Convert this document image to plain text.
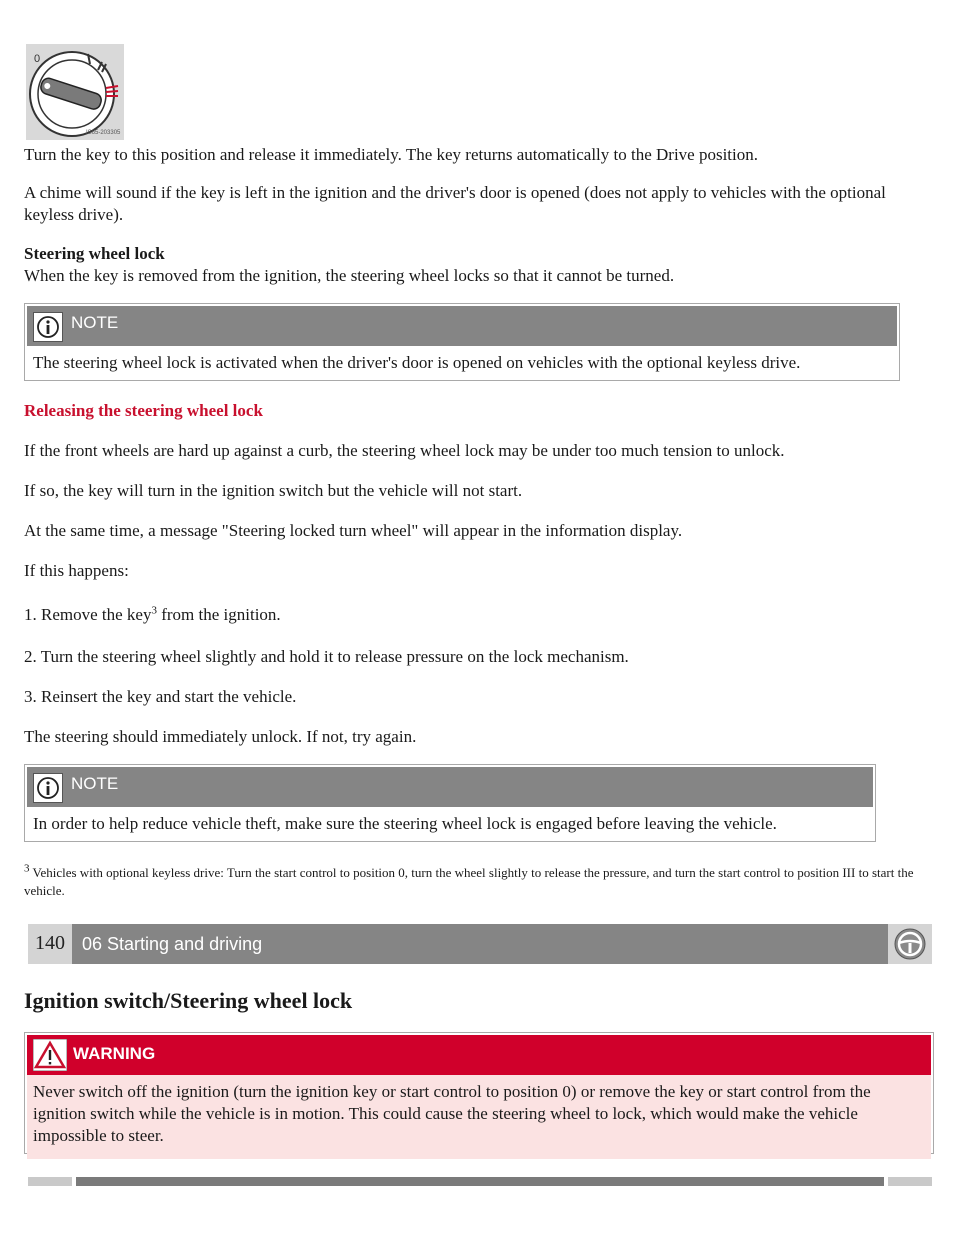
0
IS65-203305

Turn the key to this position and release it immediately. The key returns automatically to the Drive position.

A chime will sound if the key is left in the ignition and the driver's door is opened (does not apply to vehicles with the optional keyless drive).

Steering wheel lock

When the key is removed from the ignition, the steering wheel locks so that it cannot be turned.

NOTE
The steering wheel lock is activated when the driver's door is opened on vehicles with the optional keyless drive.

Releasing the steering wheel lock

If the front wheels are hard up against a curb, the steering wheel lock may be under too much tension to unlock.

If so, the key will turn in the ignition switch but the vehicle will not start.

At the same time, a message "Steering locked turn wheel" will appear in the information display.

If this happens:

1. Remove the key$^3$ from the ignition.

2. Turn the steering wheel slightly and hold it to release pressure on the lock mechanism.

3. Reinsert the key and start the vehicle.

The steering should immediately unlock. If not, try again.

NOTE
In order to help reduce vehicle theft, make sure the steering wheel lock is engaged before leaving the vehicle.

$^3$ Vehicles with optional keyless drive: Turn the start control to position 0, turn the wheel slightly to release the pressure, and turn the start control to position III to start the vehicle.

140 06 Starting and driving
Ignition switch/Steering wheel lock
WARNING
Never switch off the ignition (turn the ignition key or start control to position 0) or remove the key or start control from the ignition switch while the vehicle is in motion. This could cause the steering wheel to lock, which would make the vehicle impossible to steer.
